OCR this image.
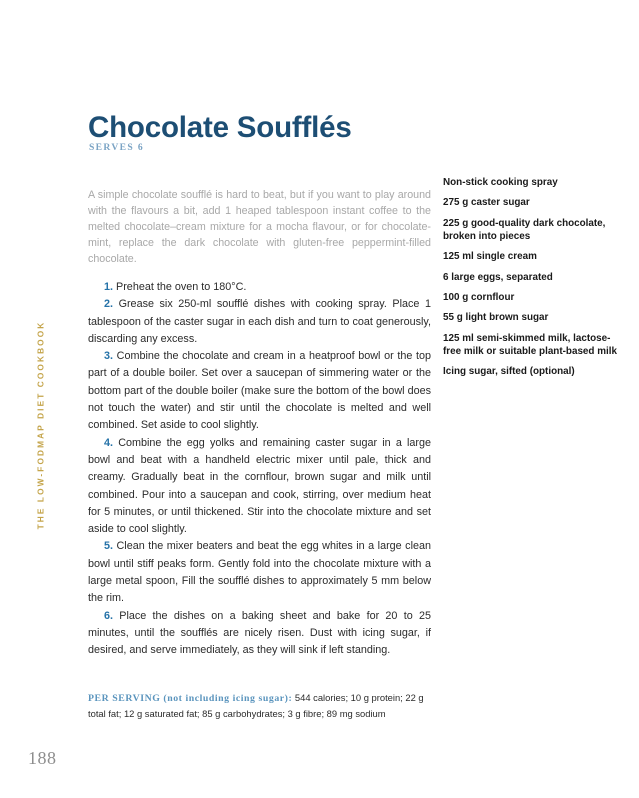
THE LOW-FODMAP DIET COOKBOOK
188
Chocolate Soufflés
SERVES 6

A simple chocolate soufflé is hard to beat, but if you want to play around with the flavours a bit, add 1 heaped tablespoon instant coffee to the melted chocolate–cream mixture for a mocha flavour, or for chocolate-mint, replace the dark chocolate with gluten-free peppermint-filled chocolate.

1. Preheat the oven to 180°C.

2. Grease six 250-ml soufflé dishes with cooking spray. Place 1 tablespoon of the caster sugar in each dish and turn to coat generously, discarding any excess.

3. Combine the chocolate and cream in a heatproof bowl or the top part of a double boiler. Set over a saucepan of simmering water or the bottom part of the double boiler (make sure the bottom of the bowl does not touch the water) and stir until the chocolate is melted and well combined. Set aside to cool slightly.

4. Combine the egg yolks and remaining caster sugar in a large bowl and beat with a handheld electric mixer until pale, thick and creamy. Gradually beat in the cornflour, brown sugar and milk until combined. Pour into a saucepan and cook, stirring, over medium heat for 5 minutes, or until thickened. Stir into the chocolate mixture and set aside to cool slightly.

5. Clean the mixer beaters and beat the egg whites in a large clean bowl until stiff peaks form. Gently fold into the chocolate mixture with a large metal spoon, Fill the soufflé dishes to approximately 5 mm below the rim.

6. Place the dishes on a baking sheet and bake for 20 to 25 minutes, until the soufflés are nicely risen. Dust with icing sugar, if desired, and serve immediately, as they will sink if left standing.

PER SERVING (not including icing sugar): 544 calories; 10 g protein; 22 g total fat; 12 g saturated fat; 85 g carbohydrates; 3 g fibre; 89 mg sodium
Non-stick cooking spray
275 g caster sugar
225 g good-quality dark chocolate, broken into pieces
125 ml single cream
6 large eggs, separated
100 g cornflour
55 g light brown sugar
125 ml semi-skimmed milk, lactose-free milk or suitable plant-based milk
Icing sugar, sifted (optional)
